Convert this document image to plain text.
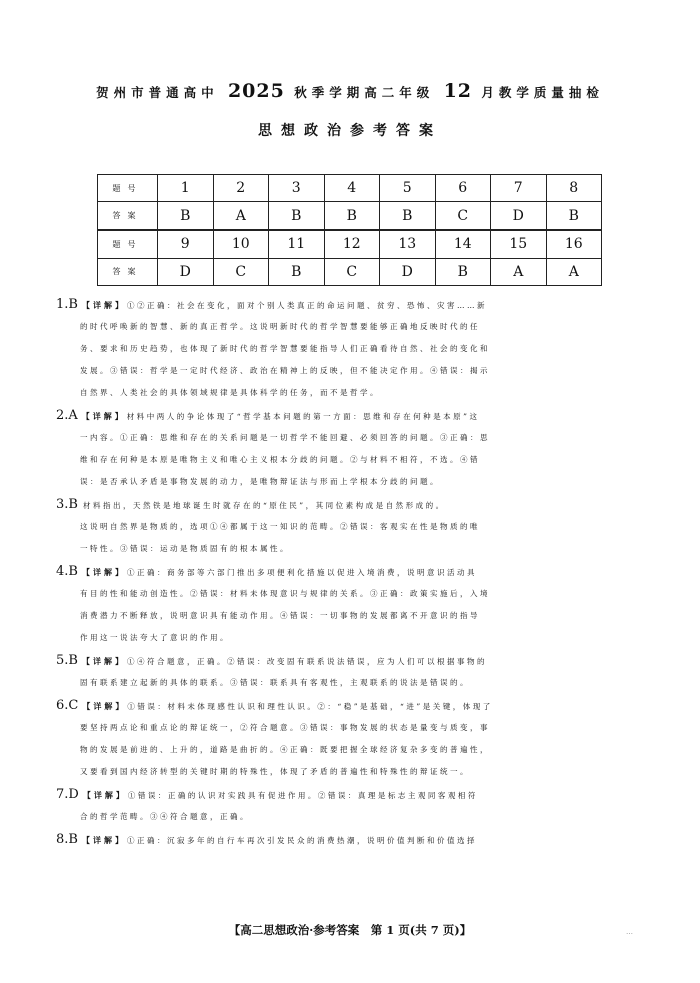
贺州市普通高中 2025 秋季学期高二年级 12 月教学质量抽检
思想政治参考答案
题号	1	2	3	4	5	6	7	8
答案	B	A	B	B	B	C	D	B
题号	9	10	11	12	13	14	15	16
答案	D	C	B	C	D	B	A	A
1.B 【详解】①②正确：社会在变化，面对个别人类真正的命运问题、贫穷、恐怖、灾害……新
的时代呼唤新的智慧、新的真正哲学。这说明新时代的哲学智慧要能够正确地反映时代的任
务、要求和历史趋势，也体现了新时代的哲学智慧要能指导人们正确看待自然、社会的变化和
发展。③错误：哲学是一定时代经济、政治在精神上的反映，但不能决定作用。④错误：揭示
自然界、人类社会的具体领域规律是具体科学的任务，而不是哲学。
2.A 【详解】材料中两人的争论体现了“哲学基本问题的第一方面：思维和存在何种是本原”这
一内容。①正确：思维和存在的关系问题是一切哲学不能回避、必须回答的问题。③正确：思
维和存在何种是本原是唯物主义和唯心主义根本分歧的问题。②与材料不相符，不选。④错
误：是否承认矛盾是事物发展的动力，是唯物辩证法与形而上学根本分歧的问题。
3.B 材料指出，天然铁是地球诞生时就存在的“原住民”，其同位素构成是自然形成的。
这说明自然界是物质的，选项①④都属于这一知识的范畴。②错误：客观实在性是物质的唯
一特性。③错误：运动是物质固有的根本属性。
4.B 【详解】①正确：商务部等六部门推出多项便利化措施以促进入境消费，说明意识活动具
有目的性和能动创造性。②错误：材料未体现意识与规律的关系。③正确：政策实施后，入境
消费潜力不断释放，说明意识具有能动作用。④错误：一切事物的发展都离不开意识的指导
作用这一说法夸大了意识的作用。
5.B 【详解】①④符合题意，正确。②错误：改变固有联系说法错误，应为人们可以根据事物的
固有联系建立起新的具体的联系。③错误：联系具有客观性，主观联系的说法是错误的。
6.C 【详解】①错误：材料未体现感性认识和理性认识。②：“稳”是基础，“进”是关键，体现了
要坚持两点论和重点论的辩证统一，②符合题意。③错误：事物发展的状态是量变与质变，事
物的发展是前进的、上升的，道路是曲折的。④正确：既要把握全球经济复杂多变的普遍性，
又要看到国内经济转型的关键时期的特殊性，体现了矛盾的普遍性和特殊性的辩证统一。
7.D 【详解】①错误：正确的认识对实践具有促进作用。②错误：真理是标志主观同客观相符
合的哲学范畴。③④符合题意，正确。
8.B 【详解】①正确：沉寂多年的自行车再次引发民众的消费热潮，说明价值判断和价值选择
【高二思想政治·参考答案　第 1 页(共 7 页)】	…
